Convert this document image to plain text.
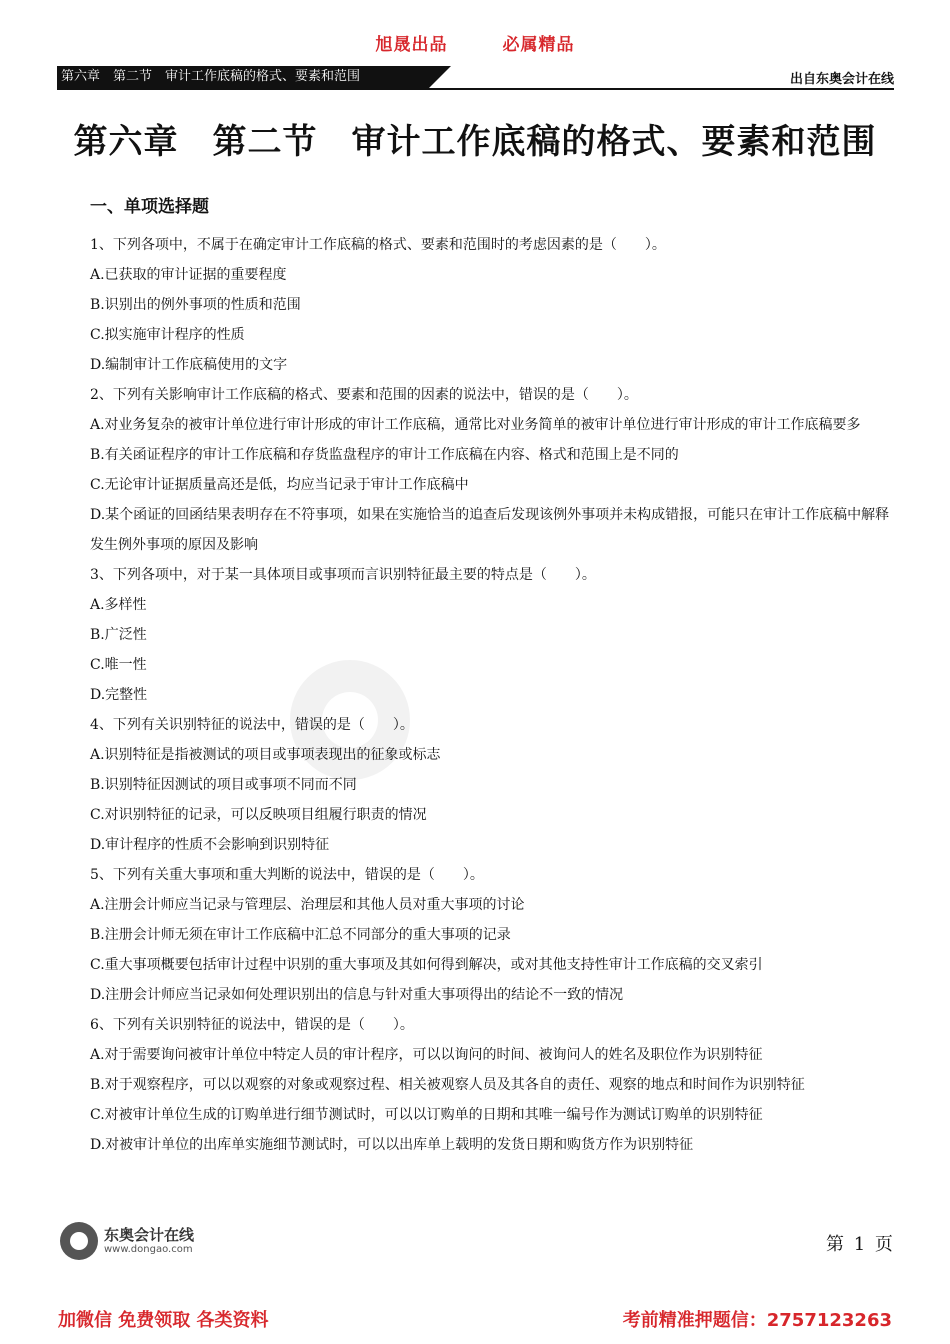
旭晟出品	必属精品
第六章　第二节　审计工作底稿的格式、要素和范围	出自东奥会计在线
第六章 第二节 审计工作底稿的格式、要素和范围
一、单项选择题
1、下列各项中，不属于在确定审计工作底稿的格式、要素和范围时的考虑因素的是（　　）。
A.已获取的审计证据的重要程度
B.识别出的例外事项的性质和范围
C.拟实施审计程序的性质
D.编制审计工作底稿使用的文字
2、下列有关影响审计工作底稿的格式、要素和范围的因素的说法中，错误的是（　　）。
A.对业务复杂的被审计单位进行审计形成的审计工作底稿，通常比对业务简单的被审计单位进行审计形成的审计工作底稿要多
B.有关函证程序的审计工作底稿和存货监盘程序的审计工作底稿在内容、格式和范围上是不同的
C.无论审计证据质量高还是低，均应当记录于审计工作底稿中
D.某个函证的回函结果表明存在不符事项，如果在实施恰当的追查后发现该例外事项并未构成错报，可能只在审计工作底稿中解释发生例外事项的原因及影响
3、下列各项中，对于某一具体项目或事项而言识别特征最主要的特点是（　　）。
A.多样性
B.广泛性
C.唯一性
D.完整性
4、下列有关识别特征的说法中，错误的是（　　）。
A.识别特征是指被测试的项目或事项表现出的征象或标志
B.识别特征因测试的项目或事项不同而不同
C.对识别特征的记录，可以反映项目组履行职责的情况
D.审计程序的性质不会影响到识别特征
5、下列有关重大事项和重大判断的说法中，错误的是（　　）。
A.注册会计师应当记录与管理层、治理层和其他人员对重大事项的讨论
B.注册会计师无须在审计工作底稿中汇总不同部分的重大事项的记录
C.重大事项概要包括审计过程中识别的重大事项及其如何得到解决，或对其他支持性审计工作底稿的交叉索引
D.注册会计师应当记录如何处理识别出的信息与针对重大事项得出的结论不一致的情况
6、下列有关识别特征的说法中，错误的是（　　）。
A.对于需要询问被审计单位中特定人员的审计程序，可以以询问的时间、被询问人的姓名及职位作为识别特征
B.对于观察程序，可以以观察的对象或观察过程、相关被观察人员及其各自的责任、观察的地点和时间作为识别特征
C.对被审计单位生成的订购单进行细节测试时，可以以订购单的日期和其唯一编号作为测试订购单的识别特征
D.对被审计单位的出库单实施细节测试时，可以以出库单上载明的发货日期和购货方作为识别特征
东奥会计在线
www.dongao.com	第 1 页
加微信 免费领取 各类资料	考前精准押题信：2757123263
